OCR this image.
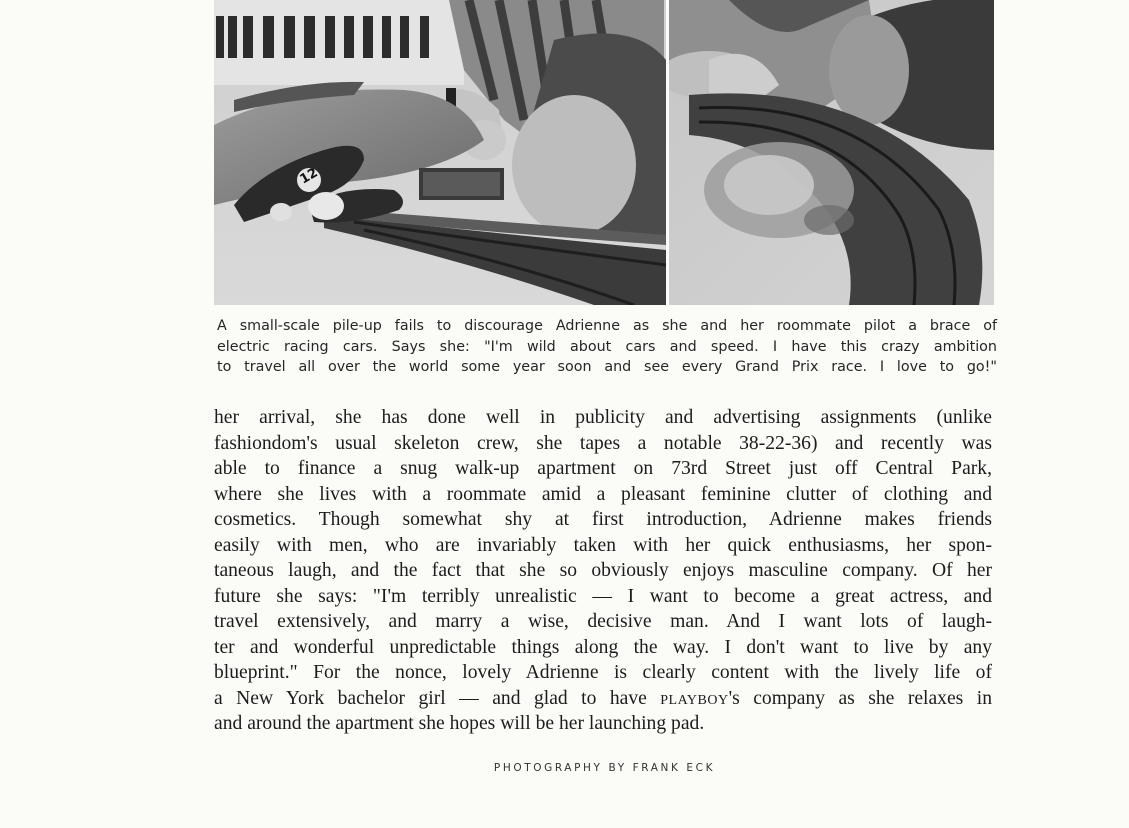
12
A small-scale pile-up fails to discourage Adrienne as she and her roommate pilot a brace of
electric racing cars. Says she: "I'm wild about cars and speed. I have this crazy ambition
to travel all over the world some year soon and see every Grand Prix race. I love to go!"
her arrival, she has done well in publicity and advertising assignments (unlike
fashiondom's usual skeleton crew, she tapes a notable 38-22-36) and recently was
able to finance a snug walk-up apartment on 73rd Street just off Central Park,
where she lives with a roommate amid a pleasant feminine clutter of clothing and
cosmetics. Though somewhat shy at first introduction, Adrienne makes friends
easily with men, who are invariably taken with her quick enthusiasms, her spon-
taneous laugh, and the fact that she so obviously enjoys masculine company. Of her
future she says: "I'm terribly unrealistic — I want to become a great actress, and
travel extensively, and marry a wise, decisive man. And I want lots of laugh-
ter and wonderful unpredictable things along the way. I don't want to live by any
blueprint." For the nonce, lovely Adrienne is clearly content with the lively life of
a New York bachelor girl — and glad to have playboy's company as she relaxes in
and around the apartment she hopes will be her launching pad.
PHOTOGRAPHY BY FRANK ECK
